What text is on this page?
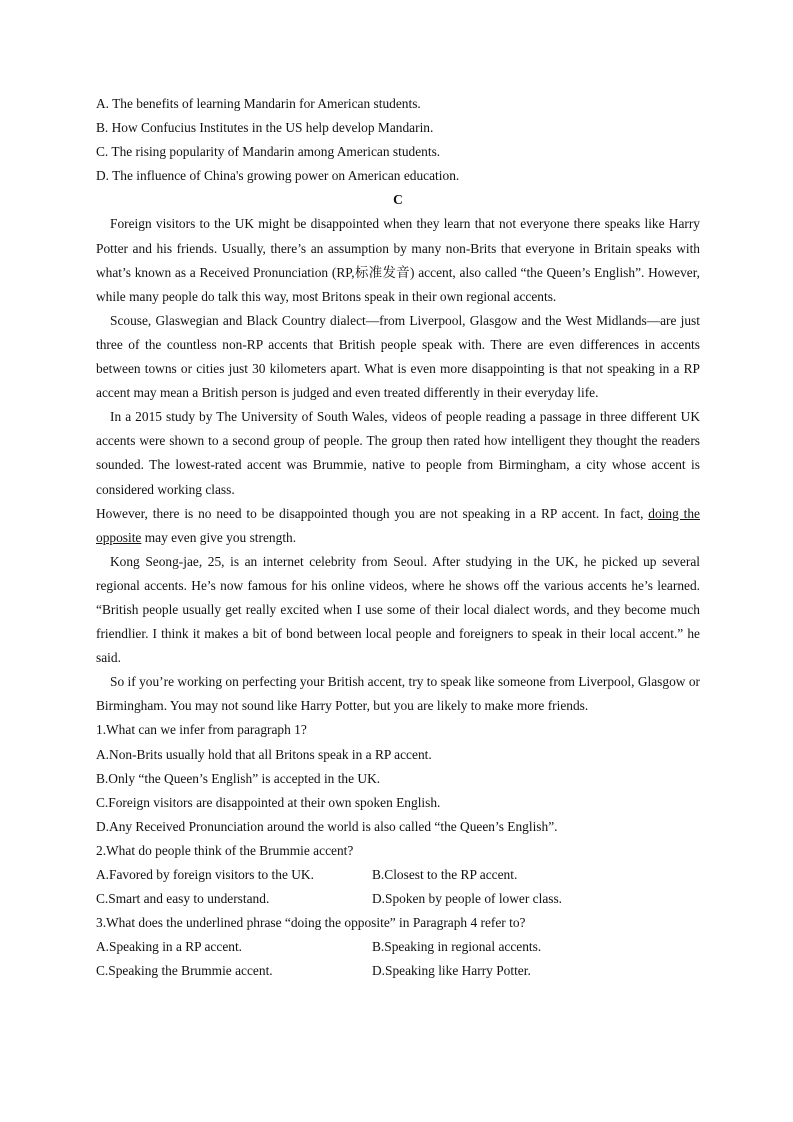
A. The benefits of learning Mandarin for American students.

B. How Confucius Institutes in the US help develop Mandarin.

C. The rising popularity of Mandarin among American students.

D. The influence of China's growing power on American education.

C

Foreign visitors to the UK might be disappointed when they learn that not everyone there speaks like Harry Potter and his friends. Usually, there’s an assumption by many non-Brits that everyone in Britain speaks with what’s known as a Received Pronunciation (RP,标准发音) accent, also called “the Queen’s English”. However, while many people do talk this way, most Britons speak in their own regional accents.

Scouse, Glaswegian and Black Country dialect—from Liverpool, Glasgow and the West Midlands—are just three of the countless non-RP accents that British people speak with. There are even differences in accents between towns or cities just 30 kilometers apart. What is even more disappointing is that not speaking in a RP accent may mean a British person is judged and even treated differently in their everyday life.

In a 2015 study by The University of South Wales, videos of people reading a passage in three different UK accents were shown to a second group of people. The group then rated how intelligent they thought the readers sounded. The lowest-rated accent was Brummie, native to people from Birmingham, a city whose accent is considered working class.

However, there is no need to be disappointed though you are not speaking in a RP accent. In fact, doing the opposite may even give you strength.

Kong Seong-jae, 25, is an internet celebrity from Seoul. After studying in the UK, he picked up several regional accents. He’s now famous for his online videos, where he shows off the various accents he’s learned. “British people usually get really excited when I use some of their local dialect words, and they become much friendlier. I think it makes a bit of bond between local people and foreigners to speak in their local accent.” he said.

So if you’re working on perfecting your British accent, try to speak like someone from Liverpool, Glasgow or Birmingham. You may not sound like Harry Potter, but you are likely to make more friends.

1.What can we infer from paragraph 1?

A.Non-Brits usually hold that all Britons speak in a RP accent.

B.Only “the Queen’s English” is accepted in the UK.

C.Foreign visitors are disappointed at their own spoken English.

D.Any Received Pronunciation around the world is also called “the Queen’s English”.

2.What do people think of the Brummie accent?

A.Favored by foreign visitors to the UK.	B.Closest to the RP accent.
C.Smart and easy to understand.	D.Spoken by people of lower class.

3.What does the underlined phrase “doing the opposite” in Paragraph 4 refer to?

A.Speaking in a RP accent.	B.Speaking in regional accents.
C.Speaking the Brummie accent.	D.Speaking like Harry Potter.
